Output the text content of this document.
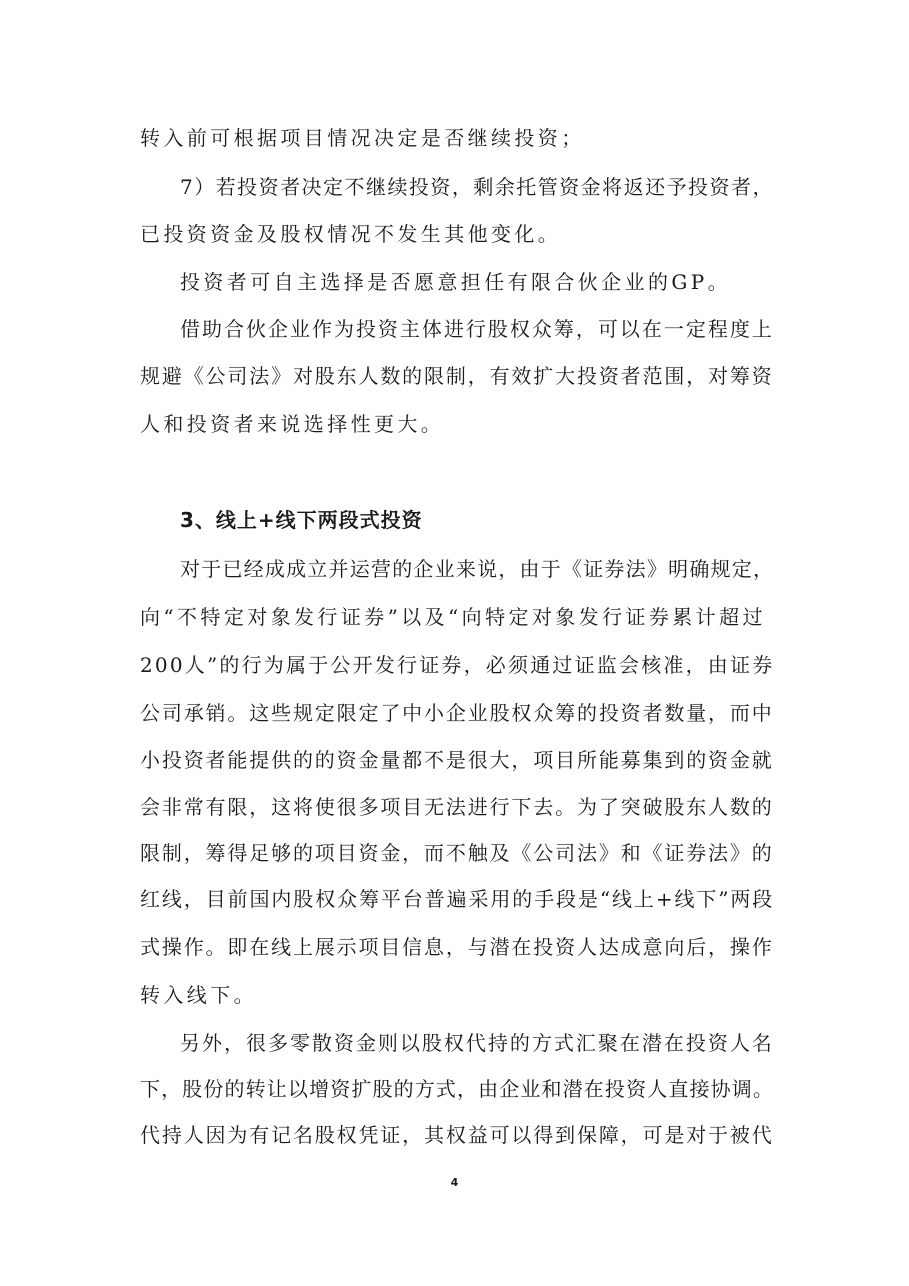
转入前可根据项目情况决定是否继续投资；
7）若投资者决定不继续投资，剩余托管资金将返还予投资者，
已投资资金及股权情况不发生其他变化。
投资者可自主选择是否愿意担任有限合伙企业的GP。
借助合伙企业作为投资主体进行股权众筹，可以在一定程度上
规避《公司法》对股东人数的限制，有效扩大投资者范围，对筹资
人和投资者来说选择性更大。
3、线上+线下两段式投资
对于已经成成立并运营的企业来说，由于《证券法》明确规定，
向“不特定对象发行证券”以及“向特定对象发行证券累计超过
200人”的行为属于公开发行证券，必须通过证监会核准，由证券
公司承销。这些规定限定了中小企业股权众筹的投资者数量，而中
小投资者能提供的的资金量都不是很大，项目所能募集到的资金就
会非常有限，这将使很多项目无法进行下去。为了突破股东人数的
限制，筹得足够的项目资金，而不触及《公司法》和《证券法》的
红线，目前国内股权众筹平台普遍采用的手段是“线上+线下”两段
式操作。即在线上展示项目信息，与潜在投资人达成意向后，操作
转入线下。
另外，很多零散资金则以股权代持的方式汇聚在潜在投资人名
下，股份的转让以增资扩股的方式，由企业和潜在投资人直接协调。
代持人因为有记名股权凭证，其权益可以得到保障，可是对于被代
4
